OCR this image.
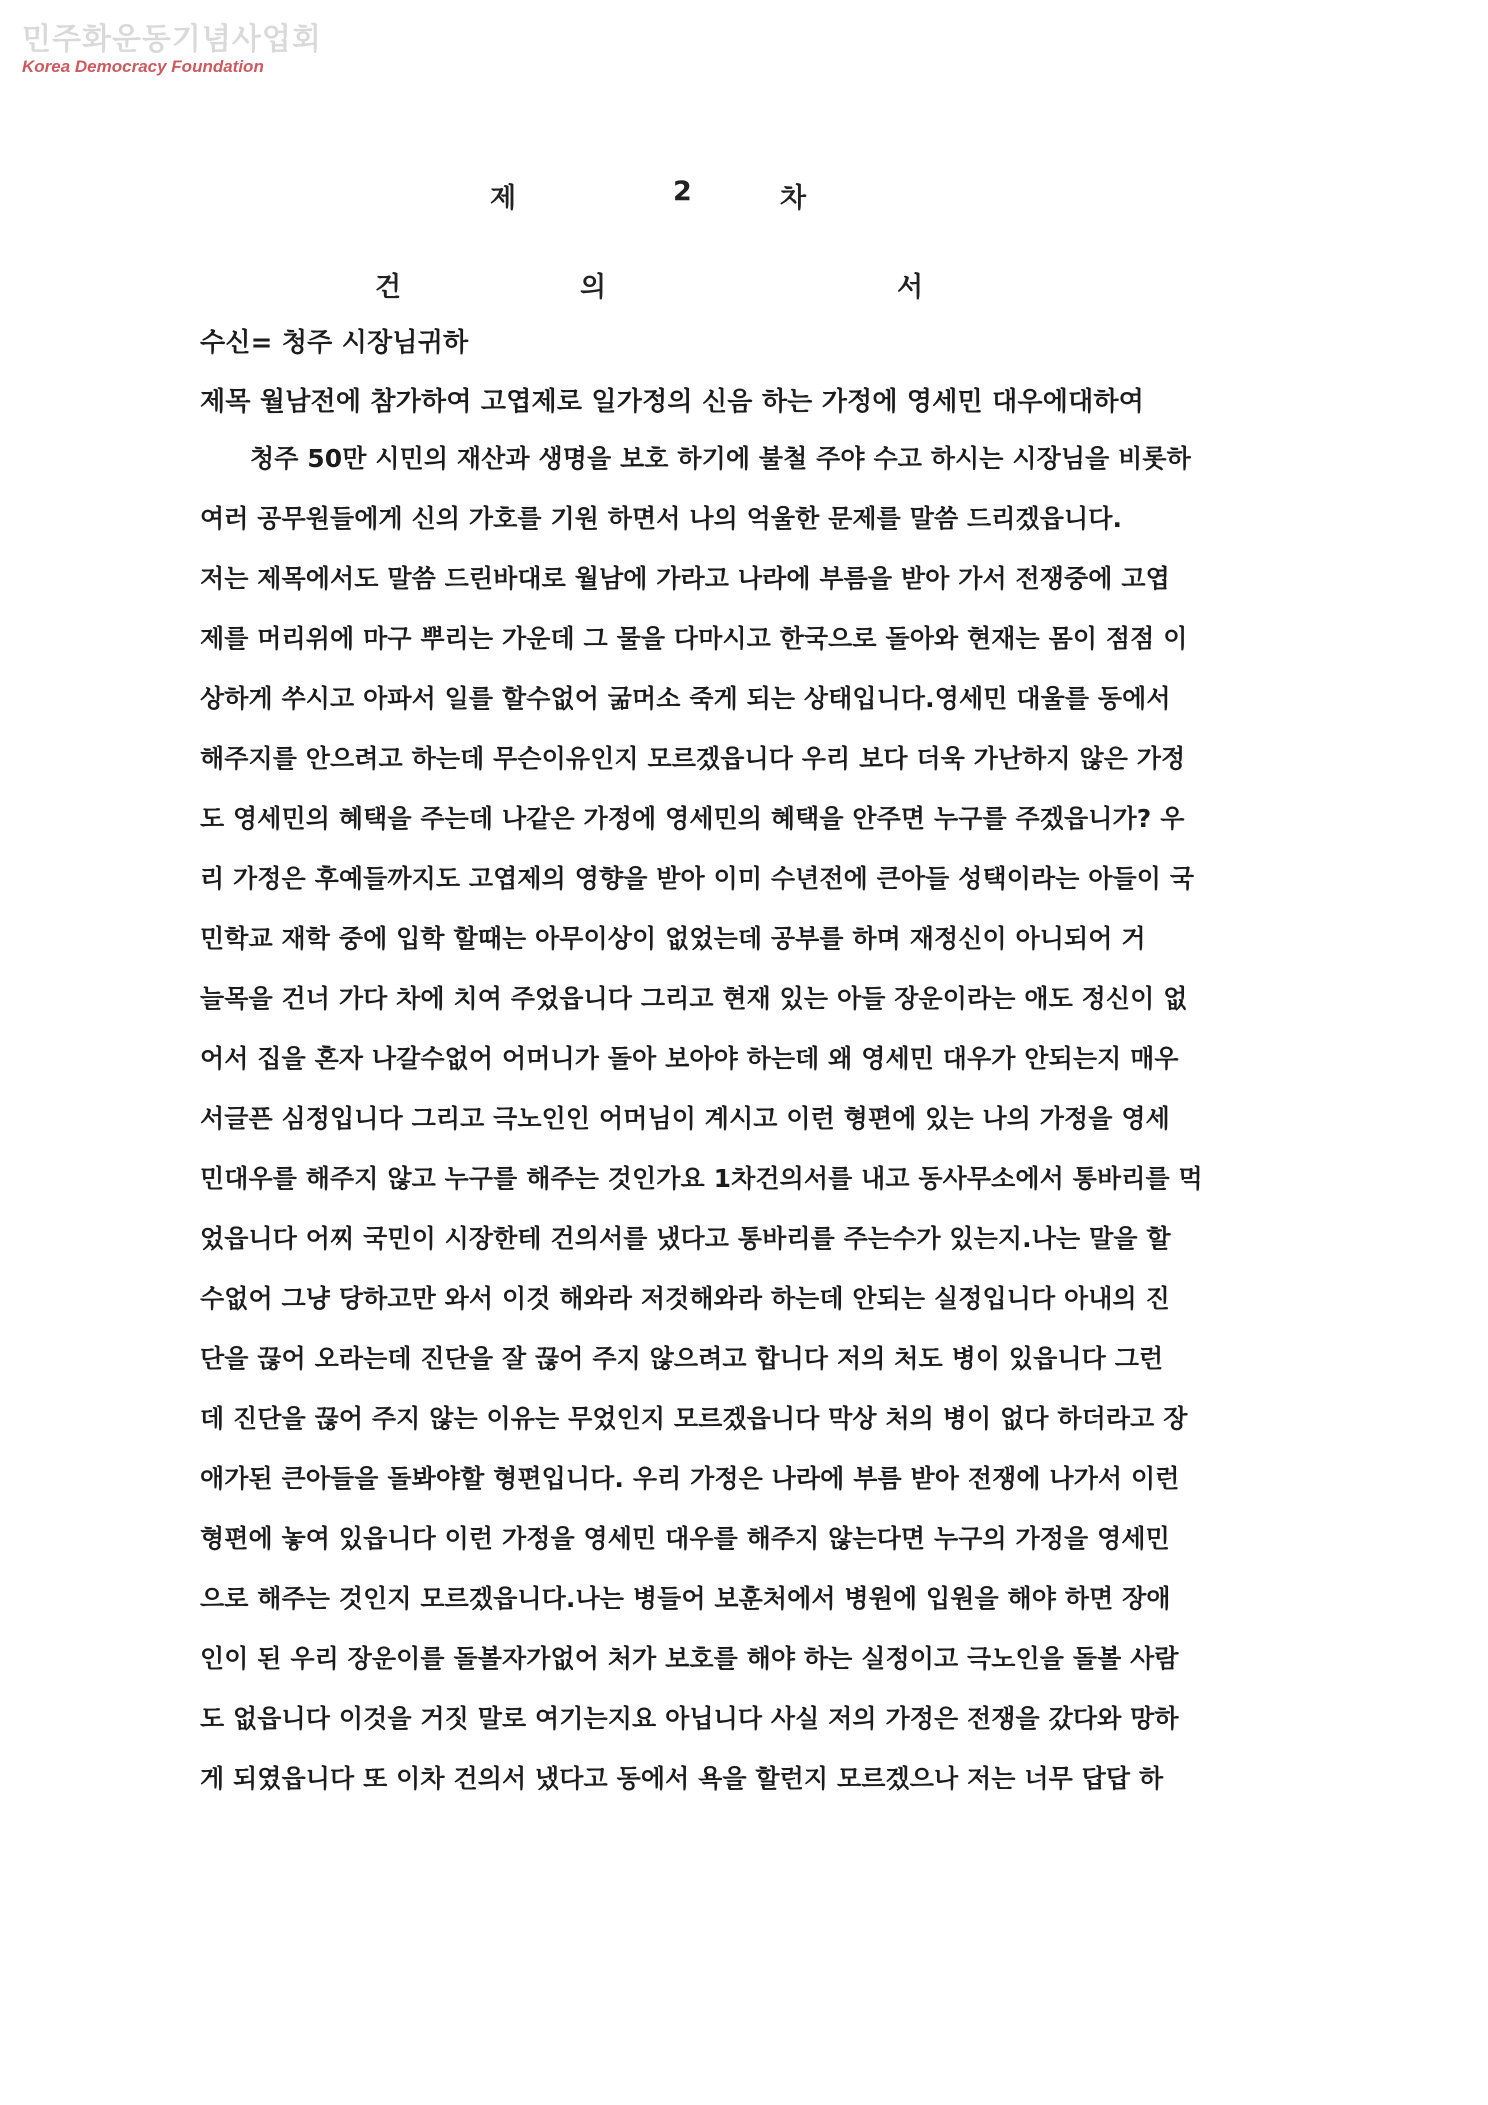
민주화운동기념사업회
Korea Democracy Foundation
제	2	차
건	의	서
수신= 청주 시장님귀하
제목 월남전에 참가하여 고엽제로 일가정의 신음 하는 가정에 영세민 대우에대하여
청주 50만 시민의 재산과 생명을 보호 하기에 불철 주야 수고 하시는 시장님을 비롯하
여러 공무원들에게 신의 가호를 기원 하면서 나의 억울한 문제를 말씀 드리겠읍니다.
저는 제목에서도 말씀 드린바대로 월남에 가라고 나라에 부름을 받아 가서 전쟁중에 고엽
제를 머리위에 마구 뿌리는 가운데 그 물을 다마시고 한국으로 돌아와 현재는 몸이 점점 이
상하게 쑤시고 아파서 일를 할수없어 굶머소 죽게 되는 상태입니다.영세민 대울를 동에서
해주지를 안으려고 하는데 무슨이유인지 모르겠읍니다 우리 보다 더욱 가난하지 않은 가정
도 영세민의 혜택을 주는데 나같은 가정에 영세민의 혜택을 안주면 누구를 주겠읍니가? 우
리 가정은 후예들까지도 고엽제의 영향을 받아 이미 수년전에 큰아들 성택이라는 아들이 국
민학교 재학 중에 입학 할때는 아무이상이 없었는데 공부를 하며 재정신이 아니되어 거
늘목을 건너 가다 차에 치여 주었읍니다 그리고 현재 있는 아들 장운이라는 애도 정신이 없
어서 집을 혼자 나갈수없어 어머니가 돌아 보아야 하는데 왜 영세민 대우가 안되는지 매우
서글픈 심정입니다 그리고 극노인인 어머님이 계시고 이런 형편에 있는 나의 가정을 영세
민대우를 해주지 않고 누구를 해주는 것인가요 1차건의서를 내고 동사무소에서 통바리를 먹
었읍니다 어찌 국민이 시장한테 건의서를 냈다고 통바리를 주는수가 있는지.나는 말을 할
수없어 그냥 당하고만 와서 이것 해와라 저것해와라 하는데 안되는 실정입니다 아내의 진
단을 끊어 오라는데 진단을 잘 끊어 주지 않으려고 합니다 저의 처도 병이 있읍니다 그런
데 진단을 끊어 주지 않는 이유는 무었인지 모르겠읍니다 막상 처의 병이 없다 하더라고 장
애가된 큰아들을 돌봐야할 형편입니다. 우리 가정은 나라에 부름 받아 전쟁에 나가서 이런
형편에 놓여 있읍니다 이런 가정을 영세민 대우를 해주지 않는다면 누구의 가정을 영세민
으로 해주는 것인지 모르겠읍니다.나는 병들어 보훈처에서 병원에 입원을 해야 하면 장애
인이 된 우리 장운이를 돌볼자가없어 처가 보호를 해야 하는 실정이고 극노인을 돌볼 사람
도 없읍니다 이것을 거짓 말로 여기는지요 아닙니다 사실 저의 가정은 전쟁을 갔다와 망하
게 되였읍니다 또 이차 건의서 냈다고 동에서 욕을 할런지 모르겠으나 저는 너무 답답 하
